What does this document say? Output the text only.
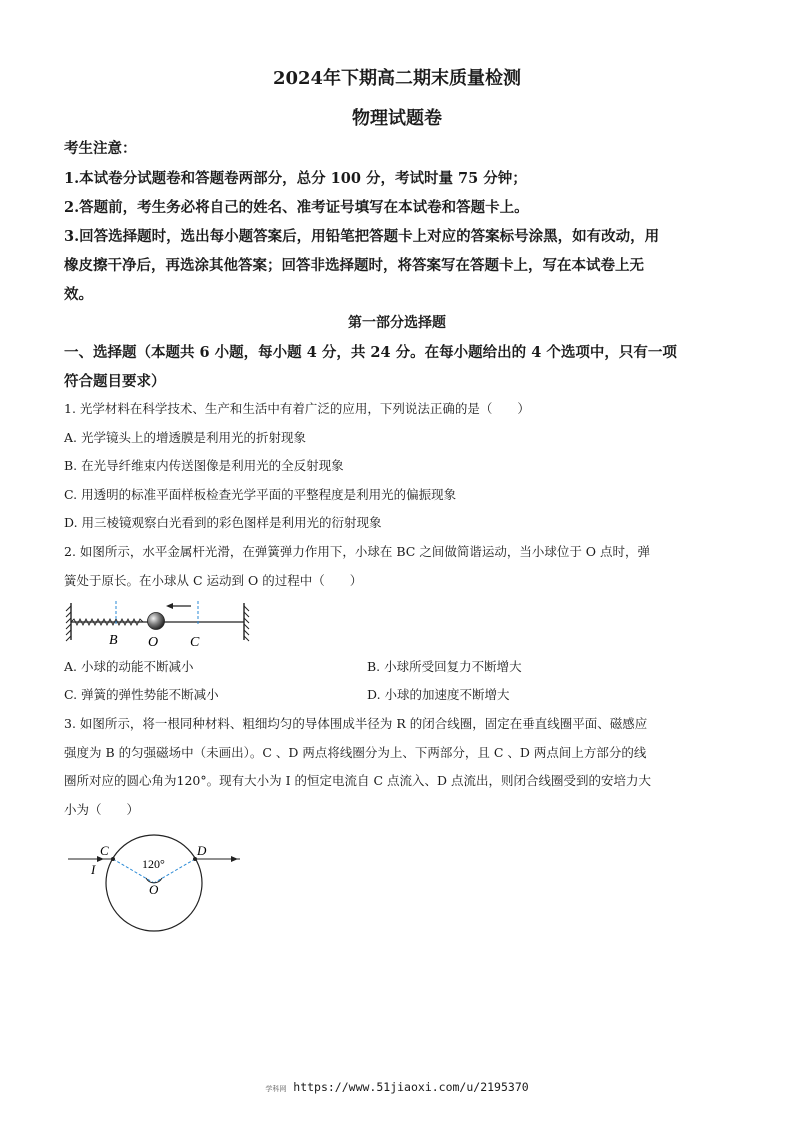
2024年下期高二期末质量检测
物理试题卷
考生注意：
1.本试卷分试题卷和答题卷两部分，总分 100 分，考试时量 75 分钟；
2.答题前，考生务必将自己的姓名、准考证号填写在本试卷和答题卡上。
3.回答选择题时，选出每小题答案后，用铅笔把答题卡上对应的答案标号涂黑，如有改动，用
橡皮擦干净后，再选涂其他答案；回答非选择题时，将答案写在答题卡上，写在本试卷上无
效。
第一部分选择题
一、选择题（本题共 6 小题，每小题 4 分，共 24 分。在每小题给出的 4 个选项中，只有一项
符合题目要求）
1. 光学材料在科学技术、生产和生活中有着广泛的应用，下列说法正确的是（　　）
A. 光学镜头上的增透膜是利用光的折射现象
B. 在光导纤维束内传送图像是利用光的全反射现象
C. 用透明的标准平面样板检查光学平面的平整程度是利用光的偏振现象
D. 用三棱镜观察白光看到的彩色图样是利用光的衍射现象
2. 如图所示，水平金属杆光滑，在弹簧弹力作用下，小球在 BC 之间做简谐运动，当小球位于 O 点时，弹
簧处于原长。在小球从 C 运动到 O 的过程中（　　）
B O C
A. 小球的动能不断减小	B. 小球所受回复力不断增大
C. 弹簧的弹性势能不断减小	D. 小球的加速度不断增大
3. 如图所示，将一根同种材料、粗细均匀的导体围成半径为 R 的闭合线圈，固定在垂直线圈平面、磁感应
强度为 B 的匀强磁场中（未画出）。C 、D 两点将线圈分为上、下两部分，且 C 、D 两点间上方部分的线
圈所对应的圆心角为120°。现有大小为 I 的恒定电流自 C 点流入、D 点流出，则闭合线圈受到的安培力大
小为（　　）
C	D
I	120°
O
学科网 https://www.51jiaoxi.com/u/2195370
